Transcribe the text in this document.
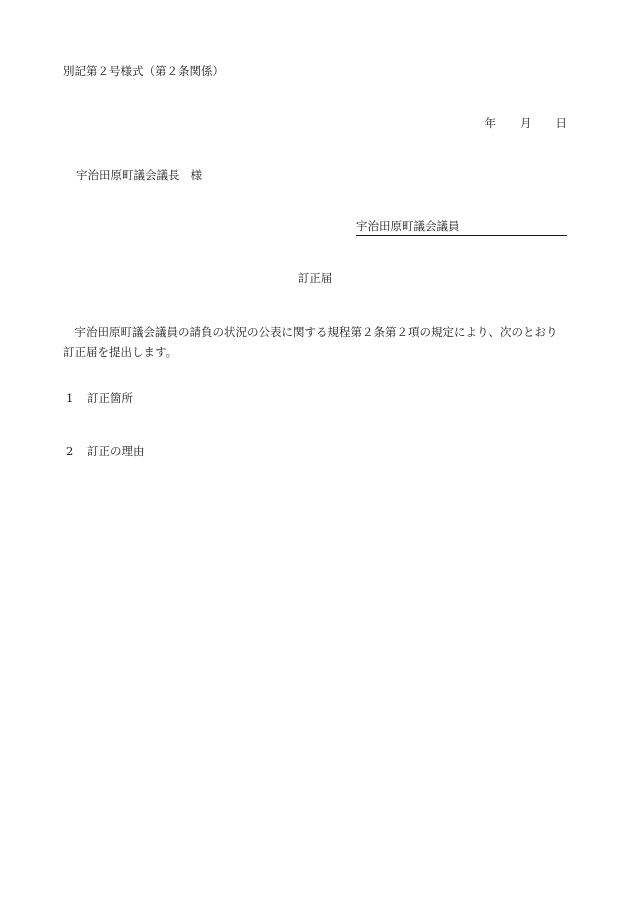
別記第２号様式（第２条関係）
年 月 日
宇治田原町議会議長 様
宇治田原町議会議員
訂正届
宇治田原町議会議員の請負の状況の公表に関する規程第２条第２項の規定により、次のとおり訂正届を提出します。
1 訂正箇所
2 訂正の理由
